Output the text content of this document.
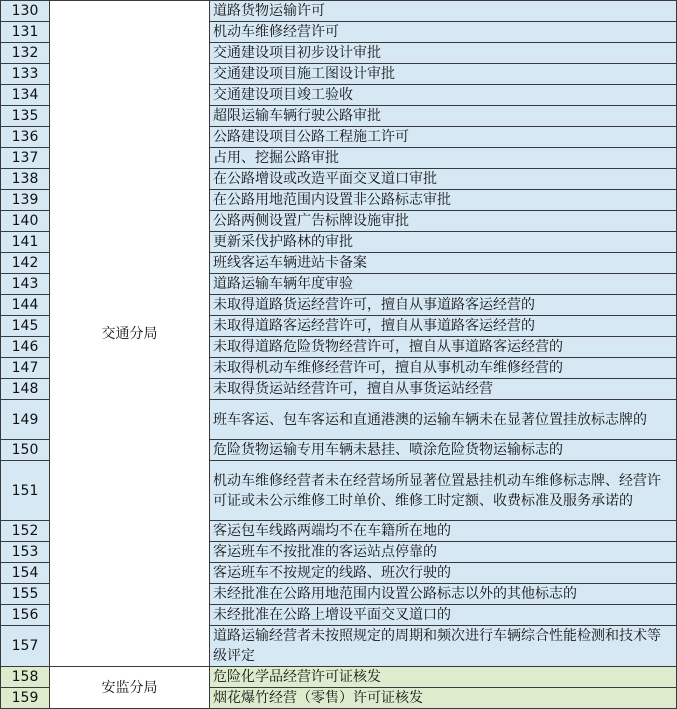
130	交通分局	道路货物运输许可
131		机动车维修经营许可
132		交通建设项目初步设计审批
133		交通建设项目施工图设计审批
134		交通建设项目竣工验收
135		超限运输车辆行驶公路审批
136		公路建设项目公路工程施工许可
137		占用、挖掘公路审批
138		在公路增设或改造平面交叉道口审批
139		在公路用地范围内设置非公路标志审批
140		公路两侧设置广告标牌设施审批
141		更新采伐护路林的审批
142		班线客运车辆进站卡备案
143		道路运输车辆年度审验
144		未取得道路货运经营许可，擅自从事道路客运经营的
145		未取得道路客运经营许可，擅自从事道路客运经营的
146		未取得道路危险货物经营许可，擅自从事道路客运经营的
147		未取得机动车维修经营许可，擅自从事机动车维修经营的
148		未取得货运站经营许可，擅自从事货运站经营
149		班车客运、包车客运和直通港澳的运输车辆未在显著位置挂放标志牌的
150		危险货物运输专用车辆未悬挂、喷涂危险货物运输标志的
151		机动车维修经营者未在经营场所显著位置悬挂机动车维修标志牌、经营许可证或未公示维修工时单价、维修工时定额、收费标准及服务承诺的
152		客运包车线路两端均不在车籍所在地的
153		客运班车不按批准的客运站点停靠的
154		客运班车不按规定的线路、班次行驶的
155		未经批准在公路用地范围内设置公路标志以外的其他标志的
156		未经批准在公路上增设平面交叉道口的
157		道路运输经营者未按照规定的周期和频次进行车辆综合性能检测和技术等级评定
158	安监分局	危险化学品经营许可证核发
159		烟花爆竹经营（零售）许可证核发
